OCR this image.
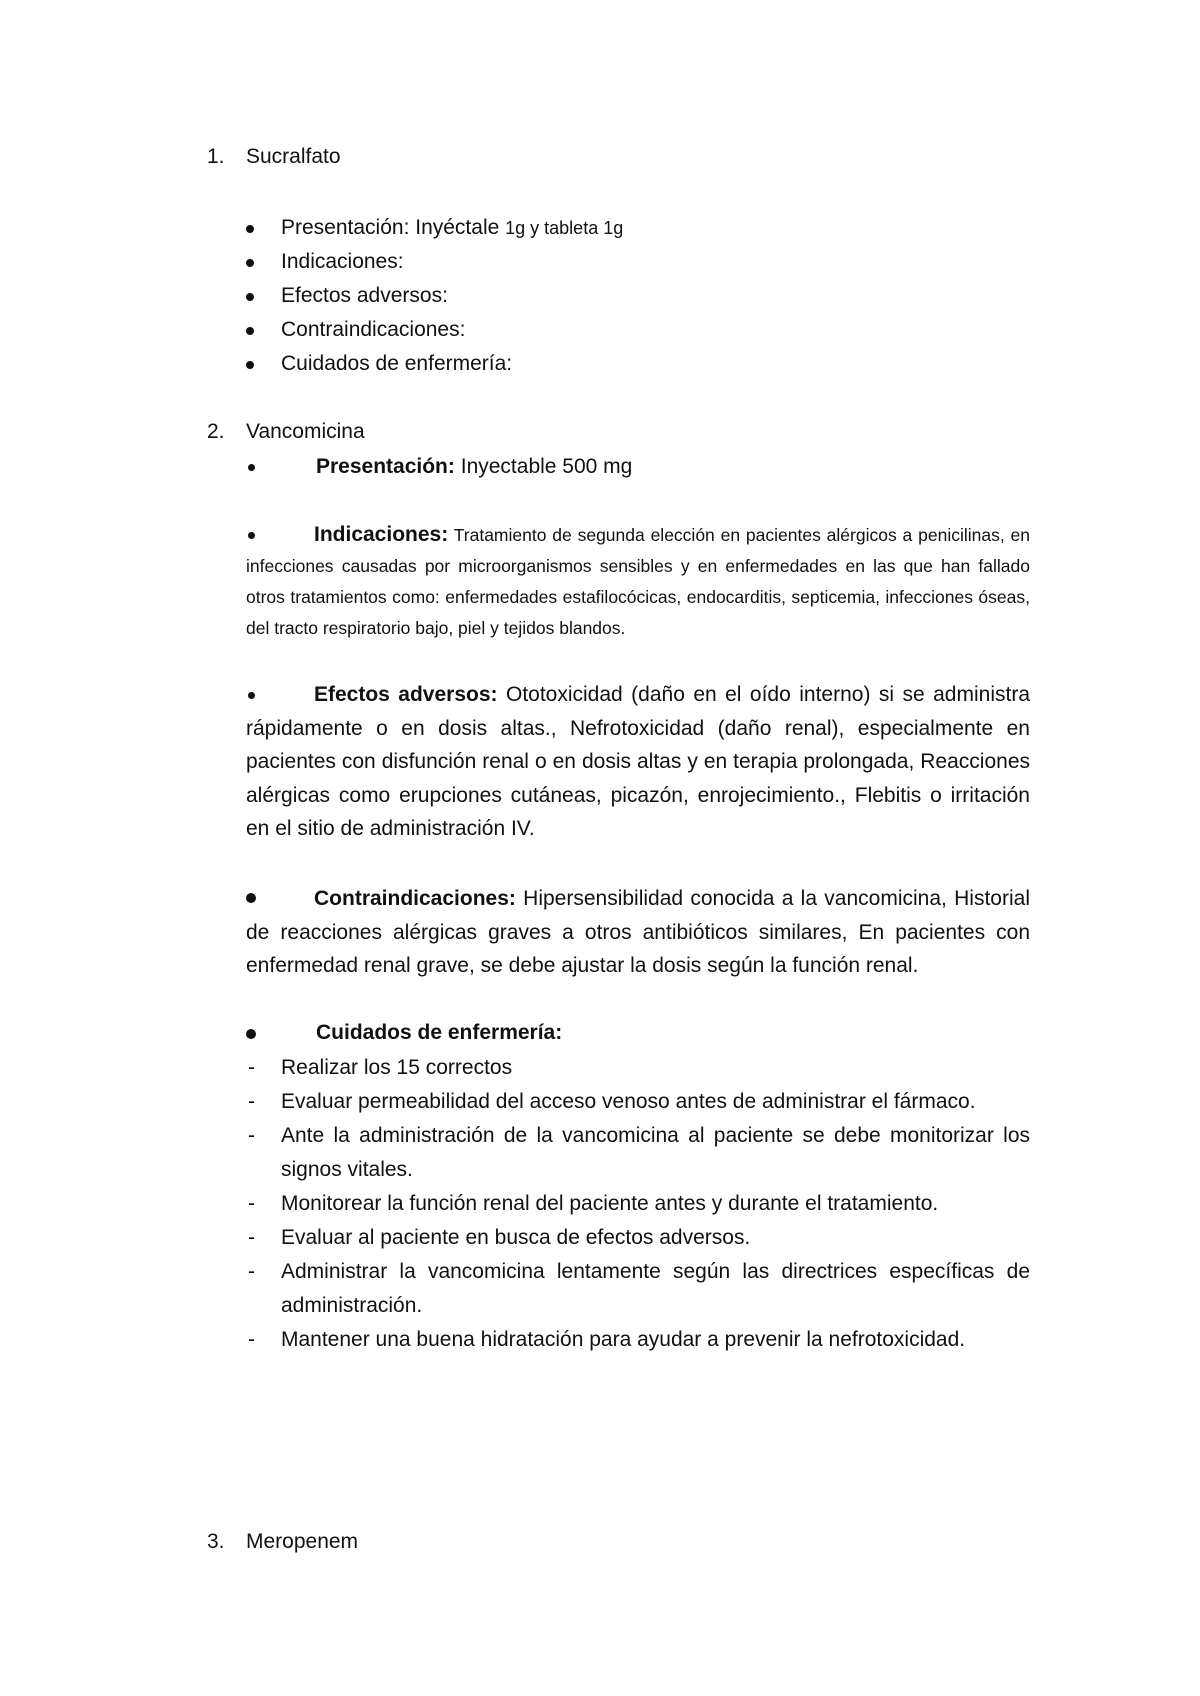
1. Sucralfato
Presentación: Inyéctale 1g y tableta 1g
Indicaciones:
Efectos adversos:
Contraindicaciones:
Cuidados de enfermería:
2. Vancomicina
Presentación: Inyectable 500 mg
Indicaciones: Tratamiento de segunda elección en pacientes alérgicos a penicilinas, en infecciones causadas por microorganismos sensibles y en enfermedades en las que han fallado otros tratamientos como: enfermedades estafilocócicas, endocarditis, septicemia, infecciones óseas, del tracto respiratorio bajo, piel y tejidos blandos.
Efectos adversos: Ototoxicidad (daño en el oído interno) si se administra rápidamente o en dosis altas., Nefrotoxicidad (daño renal), especialmente en pacientes con disfunción renal o en dosis altas y en terapia prolongada, Reacciones alérgicas como erupciones cutáneas, picazón, enrojecimiento., Flebitis o irritación en el sitio de administración IV.
Contraindicaciones: Hipersensibilidad conocida a la vancomicina, Historial de reacciones alérgicas graves a otros antibióticos similares, En pacientes con enfermedad renal grave, se debe ajustar la dosis según la función renal.
Cuidados de enfermería:
- Realizar los 15 correctos
- Evaluar permeabilidad del acceso venoso antes de administrar el fármaco.
- Ante la administración de la vancomicina al paciente se debe monitorizar los signos vitales.
- Monitorear la función renal del paciente antes y durante el tratamiento.
- Evaluar al paciente en busca de efectos adversos.
- Administrar la vancomicina lentamente según las directrices específicas de administración.
- Mantener una buena hidratación para ayudar a prevenir la nefrotoxicidad.
3. Meropenem
